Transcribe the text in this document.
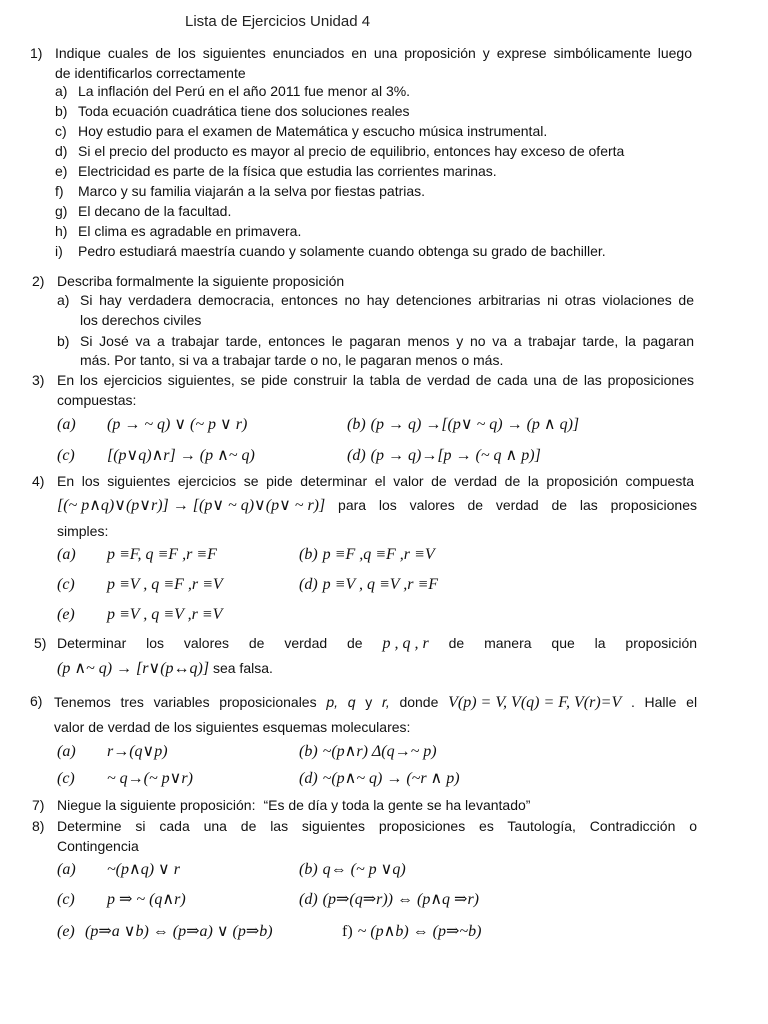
Lista de Ejercicios Unidad 4
1) Indique cuales de los siguientes enunciados en una proposición y exprese simbólicamente luego
de identificarlos correctamente
a) La inflación del Perú en el año 2011 fue menor al 3%.
b) Toda ecuación cuadrática tiene dos soluciones reales
c) Hoy estudio para el examen de Matemática y escucho música instrumental.
d) Si el precio del producto es mayor al precio de equilibrio, entonces hay exceso de oferta
e) Electricidad es parte de la física que estudia las corrientes marinas.
f) Marco y su familia viajarán a la selva por fiestas patrias.
g) El decano de la facultad.
h) El clima es agradable en primavera.
i) Pedro estudiará maestría cuando y solamente cuando obtenga su grado de bachiller.
2) Describa formalmente la siguiente proposición
a) Si hay verdadera democracia, entonces no hay detenciones arbitrarias ni otras violaciones de
los derechos civiles
b) Si José va a trabajar tarde, entonces le pagaran menos y no va a trabajar tarde, la pagaran
más. Por tanto, si va a trabajar tarde o no, le pagaran menos o más.
3) En los ejercicios siguientes, se pide construir la tabla de verdad de cada una de las proposiciones
compuestas:
(a) (p → ~ q) ∨ (~ p ∨ r)	(b) (p → q) →[(p∨ ~ q) → (p ∧ q)]
(c) [(p∨q)∧r] → (p ∧~ q)	(d) (p → q)→[p → (~ q ∧ p)]
4) En los siguientes ejercicios se pide determinar el valor de verdad de la proposición compuesta
[(~ p∧q)∨(p∨r)] → [(p∨ ~ q)∨(p∨ ~ r)] para los valores de verdad de las proposiciones
simples:
(a) p ≡F, q ≡F ,r ≡F	(b) p ≡F ,q ≡F ,r ≡V
(c) p ≡V , q ≡F ,r ≡V	(d) p ≡V , q ≡V ,r ≡F
(e) p ≡V , q ≡V ,r ≡V
5) Determinar los valores de verdad de p , q , r de manera que la proposición
(p ∧~ q) → [r∨(p↔q)] sea falsa.
6) Tenemos tres variables proposicionales p, q y r, donde V(p) = V, V(q) = F, V(r)=V . Halle el
valor de verdad de los siguientes esquemas moleculares:
(a) r→(q∨p)	(b) ~(p∧r) Δ(q→~ p)
(c) ~ q→(~ p∨r)	(d) ~(p∧~ q) → (~r ∧ p)
7) Niegue la siguiente proposición: “Es de día y toda la gente se ha levantado”
8) Determine si cada una de las siguientes proposiciones es Tautología, Contradicción o
Contingencia
(a) ~(p∧q) ∨ r	(b) q⇔ (~ p ∨q)
(c) p ⇒ ~ (q∧r)	(d) (p⇒(q⇒r)) ⇔ (p∧q ⇒r)
(e) (p⇒a ∨b) ⇔ (p⇒a) ∨ (p⇒b)	f) ~ (p∧b) ⇔ (p⇒~b)
